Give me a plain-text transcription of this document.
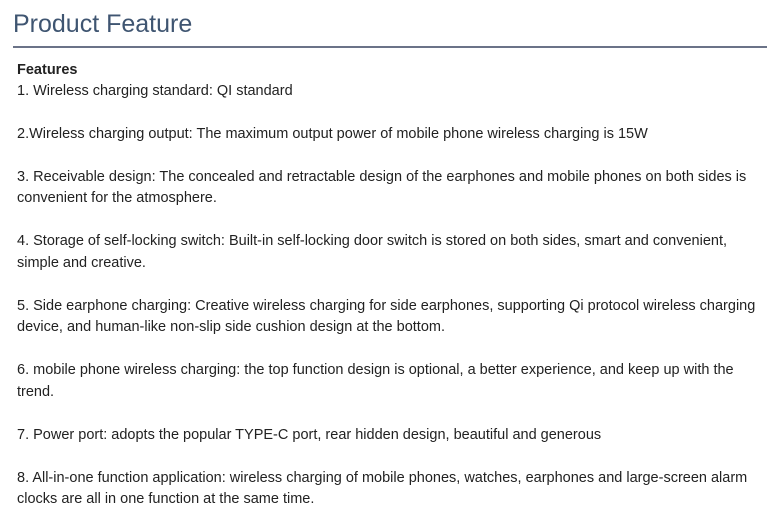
Product Feature

Features

1. Wireless charging standard: QI standard

2.Wireless charging output: The maximum output power of mobile phone wireless charging is 15W

3. Receivable design: The concealed and retractable design of the earphones and mobile phones on both sides is convenient for the atmosphere.

4. Storage of self-locking switch: Built-in self-locking door switch is stored on both sides, smart and convenient, simple and creative.

5. Side earphone charging: Creative wireless charging for side earphones, supporting Qi protocol wireless charging device, and human-like non-slip side cushion design at the bottom.

6. mobile phone wireless charging: the top function design is optional, a better experience, and keep up with the trend.

7. Power port: adopts the popular TYPE-C port, rear hidden design, beautiful and generous

8. All-in-one function application: wireless charging of mobile phones, watches, earphones and large-screen alarm clocks are all in one function at the same time.
